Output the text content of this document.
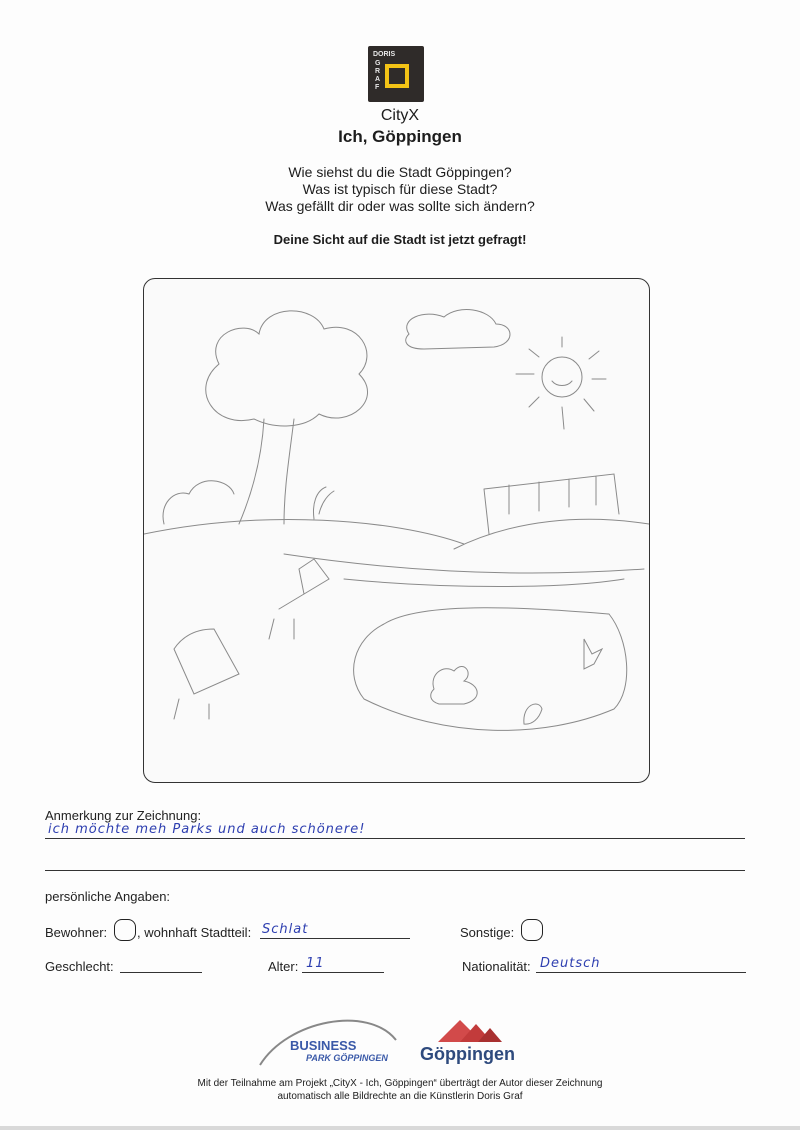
DORIS
G
R
A
F
CityX
Ich, Göppingen
Wie siehst du die Stadt Göppingen?
Was ist typisch für diese Stadt?
Was gefällt dir oder was sollte sich ändern?
Deine Sicht auf die Stadt ist jetzt gefragt!
Anmerkung zur Zeichnung:
ich möchte meh Parks und auch schönere!
persönliche Angaben:
Bewohner: , wohnhaft Stadtteil: Schlat	Sonstige:
Geschlecht:	Alter: 11	Nationalität: Deutsch
BUSINESS
PARK GÖPPINGEN Göppingen
Mit der Teilnahme am Projekt „CityX - Ich, Göppingen“ überträgt der Autor dieser Zeichnung
automatisch alle Bildrechte an die Künstlerin Doris Graf
